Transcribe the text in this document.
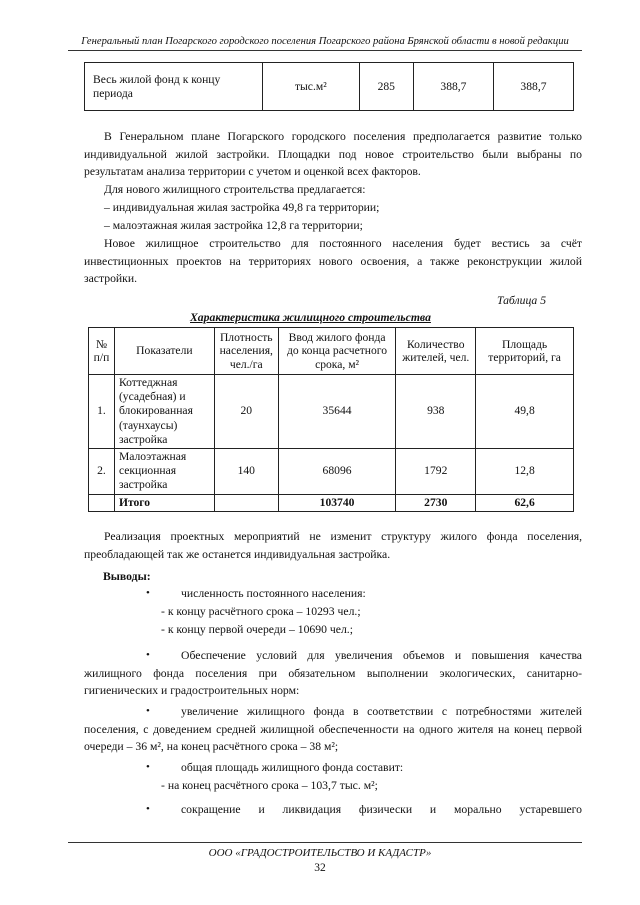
Генеральный план Погарского городского поселения Погарского района Брянской области в новой редакции
Весь жилой фонд к концу периода	тыс.м²	285	388,7	388,7

В Генеральном плане Погарского городского поселения предполагается развитие только индивидуальной жилой застройки. Площадки под новое строительство были выбраны по результатам анализа территории с учетом и оценкой всех факторов.

Для нового жилищного строительства предлагается:

– индивидуальная жилая застройка 49,8 га территории;

– малоэтажная жилая застройка 12,8 га территории;

Новое жилищное строительство для постоянного населения будет вестись за счёт инвестиционных проектов на территориях нового освоения, а также реконструкции жилой застройки.

Таблица 5
Характеристика жилищного строительства
№ п/п	Показатели	Плотность населения, чел./га	Ввод жилого фонда до конца расчетного срока, м²	Количество жителей, чел.	Площадь территорий, га
1.	Коттеджная (усадебная) и блокированная (таунхаусы) застройка	20	35644	938	49,8
2.	Малоэтажная секционная застройка	140	68096	1792	12,8
	Итого		103740	2730	62,6

Реализация проектных мероприятий не изменит структуру жилого фонда поселения, преобладающей так же останется индивидуальная застройка.

Выводы:
•	численность постоянного населения:
- к концу расчётного срока – 10293 чел.;
- к концу первой очереди – 10690 чел.;
•	Обеспечение условий для увеличения объемов и повышения качества жилищного фонда поселения при обязательном выполнении экологических, санитарно-гигиенических и градостроительных норм:

•	увеличение жилищного фонда в соответствии с потребностями жителей поселения, с доведением средней жилищной обеспеченности на одного жителя на конец первой очереди – 36 м², на конец расчётного срока – 38 м²;

•	общая площадь жилищного фонда составит:
- на конец расчётного срока – 103,7 тыс. м²;
•	сокращение и ликвидация физически и морально устаревшего
ООО «ГРАДОСТРОИТЕЛЬСТВО И КАДАСТР»
32
